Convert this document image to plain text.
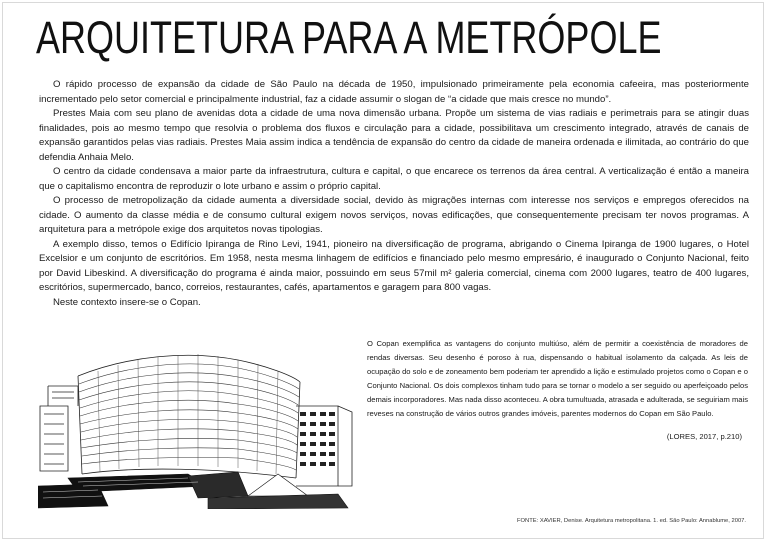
ARQUITETURA PARA A METRÓPOLE

O rápido processo de expansão da cidade de São Paulo na década de 1950, impulsionado primeiramente pela economia cafeeira, mas posteriormente incrementado pelo setor comercial e principalmente industrial, faz a cidade assumir o slogan de “a cidade que mais cresce no mundo”.

Prestes Maia com seu plano de avenidas dota a cidade de uma nova dimensão urbana. Propõe um sistema de vias radiais e perimetrais para se atingir duas finalidades, pois ao mesmo tempo que resolvia o problema dos fluxos e circulação para a cidade, possibilitava um crescimento integrado, através de canais de expansão garantidos pelas vias radiais. Prestes Maia assim indica a tendência de expansão do centro da cidade de maneira ordenada e ilimitada, ao contrário do que defendia Anhaia Melo.

O centro da cidade condensava a maior parte da infraestrutura, cultura e capital, o que encarece os terrenos da área central. A verticalização é então a maneira que o capitalismo encontra de reproduzir o lote urbano e assim o próprio capital.

O processo de metropolização da cidade aumenta a diversidade social, devido às migrações internas com interesse nos serviços e empregos oferecidos na cidade. O aumento da classe média e de consumo cultural exigem novos serviços, novas edificações, que consequentemente precisam ter novos programas. A arquitetura para a metrópole exige dos arquitetos novas tipologias.

A exemplo disso, temos o Edifício Ipiranga de Rino Levi, 1941, pioneiro na diversificação de programa, abrigando o Cinema Ipiranga de 1900 lugares, o Hotel Excelsior e um conjunto de escritórios. Em 1958, nesta mesma linhagem de edifícios e financiado pelo mesmo empresário, é inaugurado o Conjunto Nacional, feito por David Libeskind. A diversificação do programa é ainda maior, possuindo em seus 57mil m² galeria comercial, cinema com 2000 lugares, teatro de 400 lugares, escritórios, supermercado, banco, correios, restaurantes, cafés, apartamentos e garagem para 800 vagas.

Neste contexto insere-se o Copan.

O Copan exemplifica as vantagens do conjunto multiúso, além de permitir a coexistência de moradores de rendas diversas. Seu desenho é poroso à rua, dispensando o habitual isolamento da calçada. As leis de ocupação do solo e de zoneamento bem poderiam ter aprendido a lição e estimulado projetos como o Copan e o Conjunto Nacional. Os dois complexos tinham tudo para se tornar o modelo a ser seguido ou aperfeiçoado pelos demais incorporadores. Mas nada disso aconteceu. A obra tumultuada, atrasada e adulterada, se seguiriam mais reveses na construção de vários outros grandes imóveis, parentes modernos do Copan em São Paulo.

(LORES, 2017, p.210)
FONTE: XAVIER, Denise. Arquitetura metropolitana. 1. ed. São Paulo: Annablume, 2007.
